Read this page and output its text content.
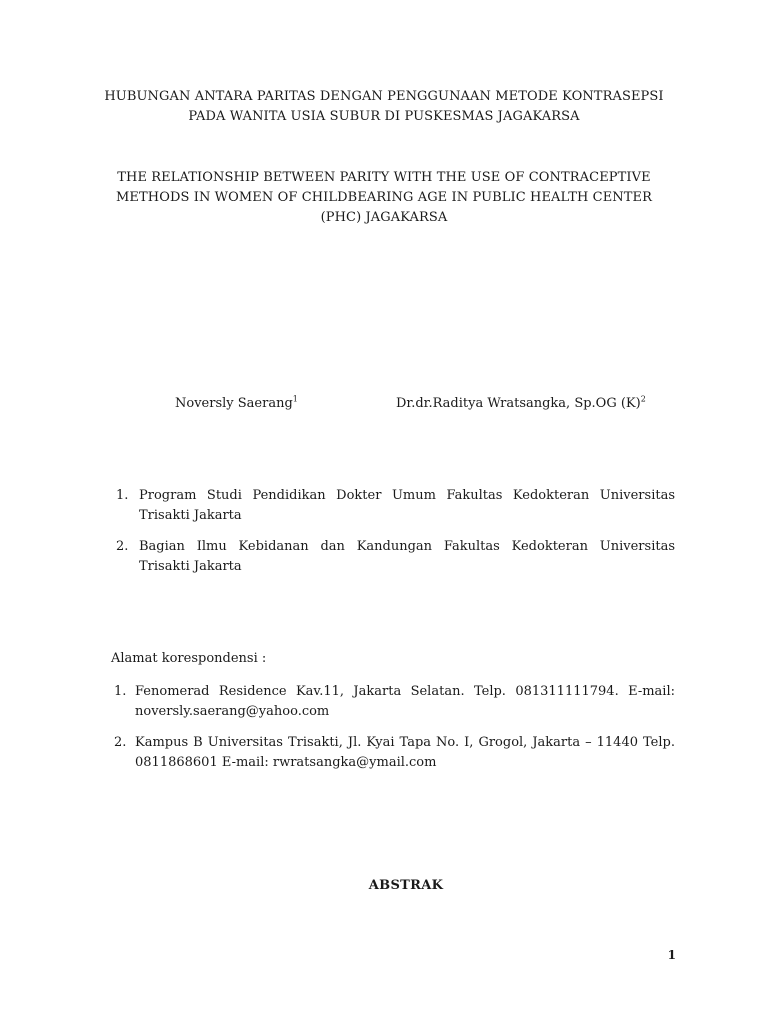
HUBUNGAN ANTARA PARITAS DENGAN PENGGUNAAN METODE KONTRASEPSI
PADA WANITA USIA SUBUR DI PUSKESMAS JAGAKARSA
THE RELATIONSHIP BETWEEN PARITY WITH THE USE OF CONTRACEPTIVE
METHODS IN WOMEN OF CHILDBEARING AGE IN PUBLIC HEALTH CENTER
(PHC) JAGAKARSA
Noversly Saerang$^1$	Dr.dr.Raditya Wratsangka, Sp.OG $(K)^2$
1. Program Studi Pendidikan Dokter Umum Fakultas Kedokteran Universitas Trisakti Jakarta
2. Bagian Ilmu Kebidanan dan Kandungan Fakultas Kedokteran Universitas Trisakti Jakarta
Alamat korespondensi :
1. Fenomerad Residence Kav.11, Jakarta Selatan. Telp. 081311111794. E-mail: noversly.saerang@yahoo.com
2. Kampus B Universitas Trisakti, Jl. Kyai Tapa No. I, Grogol, Jakarta – 11440 Telp. 0811868601 E-mail: rwratsangka@ymail.com
ABSTRAK
1
